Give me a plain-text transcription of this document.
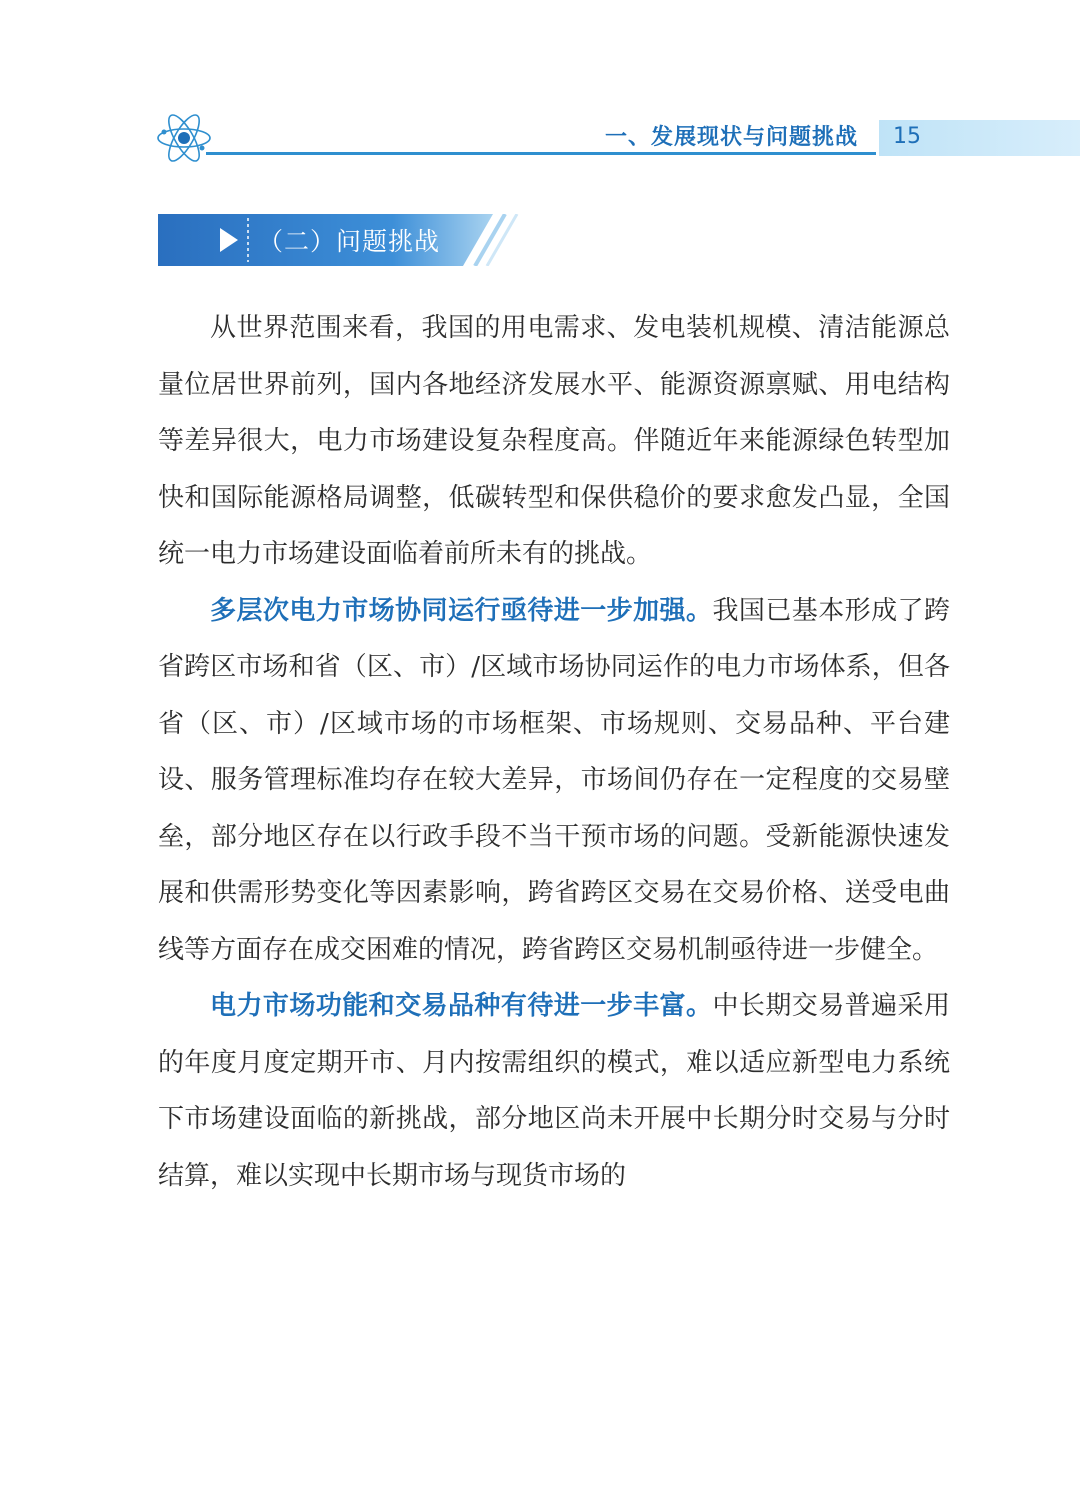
一、发展现状与问题挑战 15
（二）问题挑战

从世界范围来看，我国的用电需求、发电装机规模、清洁能源总量位居世界前列，国内各地经济发展水平、能源资源禀赋、用电结构等差异很大，电力市场建设复杂程度高。伴随近年来能源绿色转型加快和国际能源格局调整，低碳转型和保供稳价的要求愈发凸显，全国统一电力市场建设面临着前所未有的挑战。

多层次电力市场协同运行亟待进一步加强。我国已基本形成了跨省跨区市场和省（区、市）/区域市场协同运作的电力市场体系，但各省（区、市）/区域市场的市场框架、市场规则、交易品种、平台建设、服务管理标准均存在较大差异，市场间仍存在一定程度的交易壁垒，部分地区存在以行政手段不当干预市场的问题。受新能源快速发展和供需形势变化等因素影响，跨省跨区交易在交易价格、送受电曲线等方面存在成交困难的情况，跨省跨区交易机制亟待进一步健全。

电力市场功能和交易品种有待进一步丰富。中长期交易普遍采用的年度月度定期开市、月内按需组织的模式，难以适应新型电力系统下市场建设面临的新挑战，部分地区尚未开展中长期分时交易与分时结算，难以实现中长期市场与现货市场的
